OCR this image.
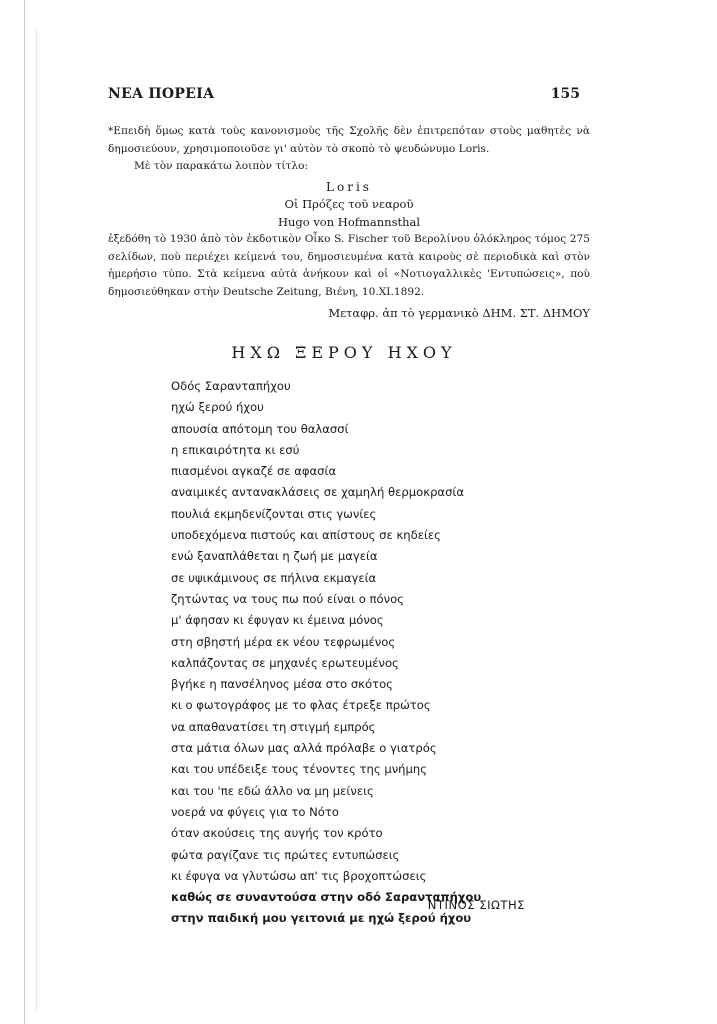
ΝΕΑ ΠΟΡΕΙΑ	155

*Επειδὴ ὅμως κατὰ τοὺς κανονισμοὺς τῆς Σχολῆς δὲν ἐπιτρεπόταν στοὺς μαθητὲς νὰ δημοσιεύουν, χρησιμοποιοῦσε γι' αὐτὸν τὸ σκοπὸ τὸ ψευδώνυμο Loris.

Μὲ τὸν παρακάτω λοιπὸν τίτλο:

Loris

Οἱ Πρόζες τοῦ νεαροῦ

Hugo von Hofmannsthal

ἐξεδόθη τὸ 1930 ἀπὸ τὸν ἐκδοτικὸν Οἶκο S. Fischer τοῦ Βερολίνου ὁλόκληρος τόμος 275 σελίδων, ποὺ περιέχει κείμενά του, δημοσιευμένα κατὰ καιροὺς σὲ περιοδικὰ καὶ στὸν ἡμερήσιο τύπο. Στὰ κείμενα αὐτὰ ἀνήκουν καὶ οἱ «Νοτιογαλλικὲς 'Εντυπώσεις», ποὺ δημοσιεύθηκαν στὴν Deutsche Zeitung, Βιένη, 10.XI.1892.

Μεταφρ. ἀπ τὸ γερμανικὸ ΔΗΜ. ΣΤ. ΔΗΜΟΥ

ΗΧΩ ΞΕΡΟΥ ΗΧΟΥ
Οδός Σαρανταπήχου
ηχώ ξερού ήχου
απουσία απότομη του θαλασσί
η επικαιρότητα κι εσύ
πιασμένοι αγκαζέ σε αφασία
αναιμικές αντανακλάσεις σε χαμηλή θερμοκρασία
πουλιά εκμηδενίζονται στις γωνίες
υποδεχόμενα πιστούς και απίστους σε κηδείες
ενώ ξαναπλάθεται η ζωή με μαγεία
σε υψικάμινους σε πήλινα εκμαγεία
ζητώντας να τους πω πού είναι ο πόνος
μ' άφησαν κι έφυγαν κι έμεινα μόνος
στη σβηστή μέρα εκ νέου τεφρωμένος
καλπάζοντας σε μηχανές ερωτευμένος
βγήκε η πανσέληνος μέσα στο σκότος
κι ο φωτογράφος με το φλας έτρεξε πρώτος
να απαθανατίσει τη στιγμή εμπρός
στα μάτια όλων μας αλλά πρόλαβε ο γιατρός
και του υπέδειξε τους τένοντες της μνήμης
και του 'πε εδώ άλλο να μη μείνεις
νοερά να φύγεις για το Νότο
όταν ακούσεις της αυγής τον κρότο
φώτα ραγίζανε τις πρώτες εντυπώσεις
κι έφυγα να γλυτώσω απ' τις βροχοπτώσεις
καθώς σε συναντούσα στην οδό Σαρανταπήχου
στην παιδική μου γειτονιά με ηχώ ξερού ήχου
ΝΤΙΝΟΣ ΣΙΩΤΗΣ
